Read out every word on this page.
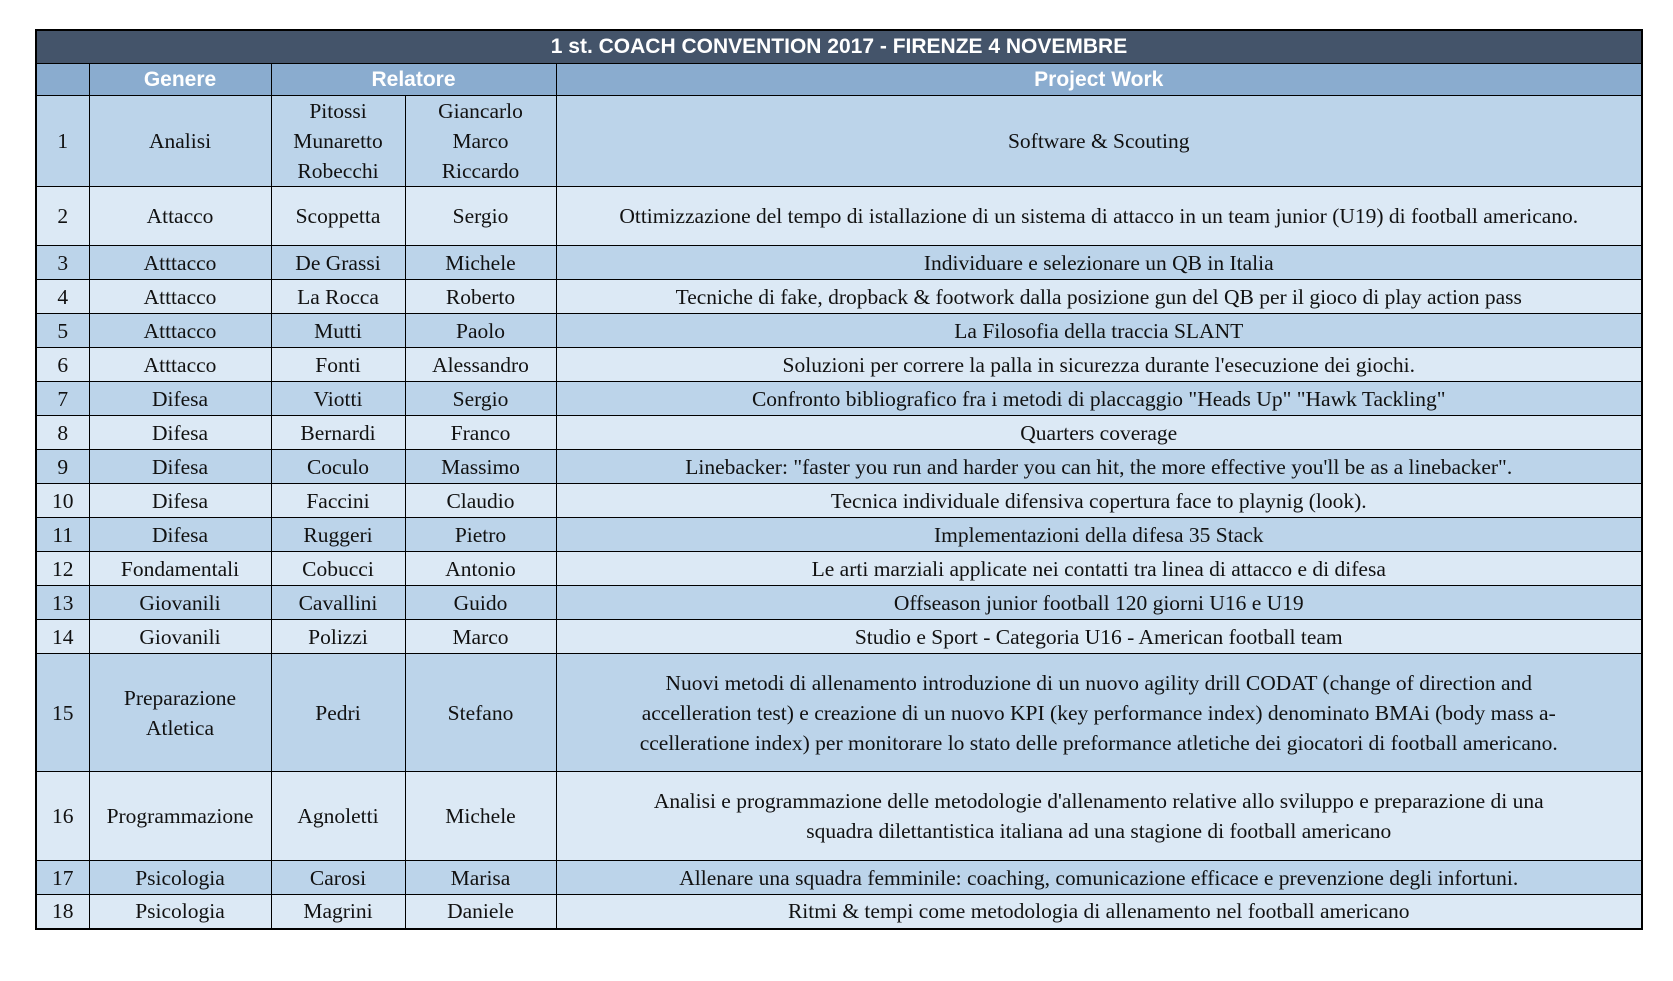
1 st. COACH CONVENTION 2017 - FIRENZE 4 NOVEMBRE				
	Genere	Relatore		Project Work
1	Analisi	Pitossi
Munaretto
Robecchi	Giancarlo
Marco
Riccardo	Software & Scouting
2	Attacco	Scoppetta	Sergio	Ottimizzazione del tempo di istallazione di un sistema di attacco in un team junior (U19) di football americano.
3	Atttacco	De Grassi	Michele	Individuare e selezionare un QB in Italia
4	Atttacco	La Rocca	Roberto	Tecniche di fake, dropback & footwork dalla posizione gun del QB per il gioco di play action pass
5	Atttacco	Mutti	Paolo	La Filosofia della traccia SLANT
6	Atttacco	Fonti	Alessandro	Soluzioni per correre la palla in sicurezza durante l'esecuzione dei giochi.
7	Difesa	Viotti	Sergio	Confronto bibliografico fra i metodi di placcaggio "Heads Up" "Hawk Tackling"
8	Difesa	Bernardi	Franco	Quarters coverage
9	Difesa	Coculo	Massimo	Linebacker: "faster you run and harder you can hit, the more effective you'll be as a linebacker".
10	Difesa	Faccini	Claudio	Tecnica individuale difensiva copertura face to playnig (look).
11	Difesa	Ruggeri	Pietro	Implementazioni della difesa 35 Stack
12	Fondamentali	Cobucci	Antonio	Le arti marziali applicate nei contatti tra linea di attacco e di difesa
13	Giovanili	Cavallini	Guido	Offseason junior football 120 giorni U16 e U19
14	Giovanili	Polizzi	Marco	Studio e Sport - Categoria U16 - American football team
15	Preparazione
Atletica	Pedri	Stefano	Nuovi metodi di allenamento introduzione di un nuovo agility drill CODAT (change of direction and
accelleration test) e creazione di un nuovo KPI (key performance index) denominato BMAi (body mass a-
ccelleratione index) per monitorare lo stato delle preformance atletiche dei giocatori di football americano.

16	Programmazione	Agnoletti	Michele	Analisi e programmazione delle metodologie d'allenamento relative allo sviluppo e preparazione di una
squadra dilettantistica italiana ad una stagione di football americano

17	Psicologia	Carosi	Marisa	Allenare una squadra femminile: coaching, comunicazione efficace e prevenzione degli infortuni.
18	Psicologia	Magrini	Daniele	Ritmi & tempi come metodologia di allenamento nel football americano
